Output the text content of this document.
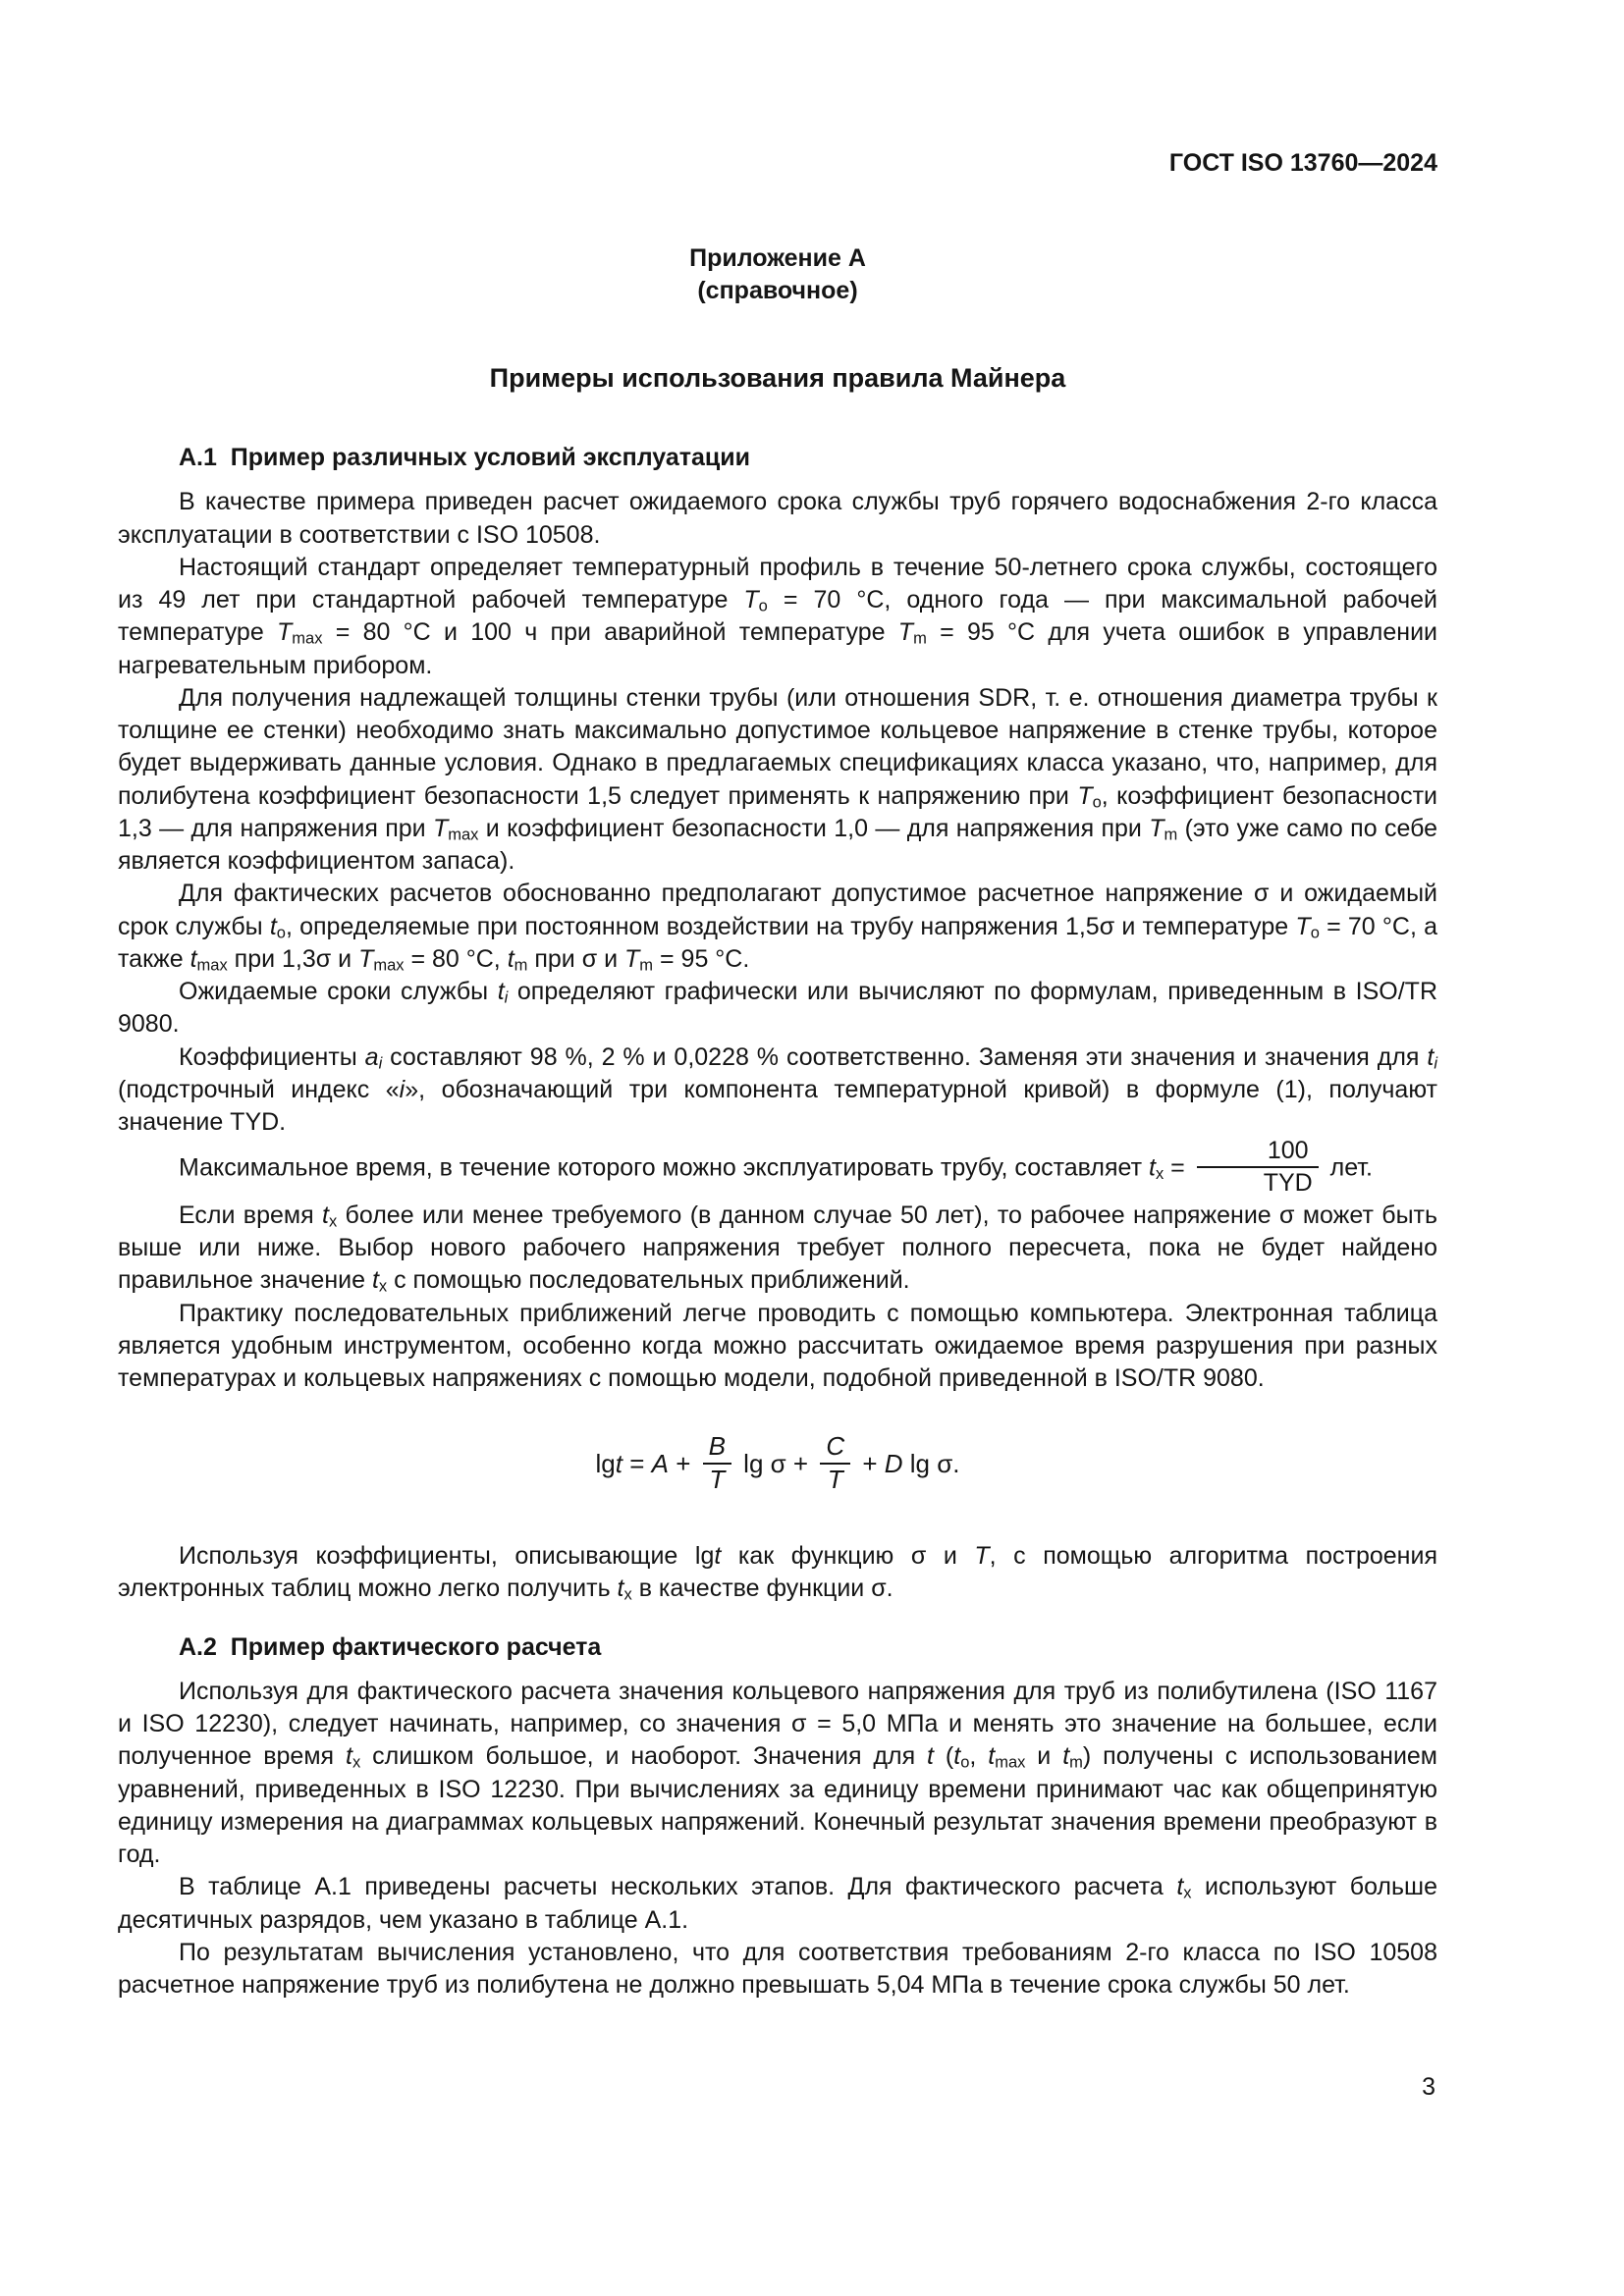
ГОСТ ISO 13760—2024
Приложение А
(справочное)
Примеры использования правила Майнера
А.1  Пример различных условий эксплуатации
В качестве примера приведен расчет ожидаемого срока службы труб горячего водоснабжения 2-го класса эксплуатации в соответствии с ISO 10508.
Настоящий стандарт определяет температурный профиль в течение 50-летнего срока службы, состоящего из 49 лет при стандартной рабочей температуре Tо = 70 °С, одного года — при максимальной рабочей температуре Tmax = 80 °С и 100 ч при аварийной температуре Tm = 95 °С для учета ошибок в управлении нагревательным прибором.
Для получения надлежащей толщины стенки трубы (или отношения SDR, т. е. отношения диаметра трубы к толщине ее стенки) необходимо знать максимально допустимое кольцевое напряжение в стенке трубы, которое будет выдерживать данные условия. Однако в предлагаемых спецификациях класса указано, что, например, для полибутена коэффициент безопасности 1,5 следует применять к напряжению при Tо, коэффициент безопасности 1,3 — для напряжения при Tmax и коэффициент безопасности 1,0 — для напряжения при Tm (это уже само по себе является коэффициентом запаса).
Для фактических расчетов обоснованно предполагают допустимое расчетное напряжение σ и ожидаемый срок службы tо, определяемые при постоянном воздействии на трубу напряжения 1,5σ и температуре Tо = 70 °С, а также tmax при 1,3σ и Tmax = 80 °С, tm при σ и Tm = 95 °С.
Ожидаемые сроки службы ti определяют графически или вычисляют по формулам, приведенным в ISO/TR 9080.
Коэффициенты ai составляют 98 %, 2 % и 0,0228 % соответственно. Заменяя эти значения и значения для ti (подстрочный индекс «i», обозначающий три компонента температурной кривой) в формуле (1), получают значение TYD.
Максимальное время, в течение которого можно эксплуатировать трубу, составляет tx = $\frac{100}{\text{TYD}}$ лет.
Если время tx более или менее требуемого (в данном случае 50 лет), то рабочее напряжение σ может быть выше или ниже. Выбор нового рабочего напряжения требует полного пересчета, пока не будет найдено правильное значение tx с помощью последовательных приближений.
Практику последовательных приближений легче проводить с помощью компьютера. Электронная таблица является удобным инструментом, особенно когда можно рассчитать ожидаемое время разрушения при разных температурах и кольцевых напряжениях с помощью модели, подобной приведенной в ISO/TR 9080.
$\lg t = A + \frac{B}{T}$ $\lg \sigma + \frac{C}{T} + D$ lg σ.
Используя коэффициенты, описывающие lgt как функцию σ и T, с помощью алгоритма построения электронных таблиц можно легко получить tx в качестве функции σ.
А.2  Пример фактического расчета
Используя для фактического расчета значения кольцевого напряжения для труб из полибутилена (ISO 1167 и ISO 12230), следует начинать, например, со значения σ = 5,0 МПа и менять это значение на большее, если полученное время tx слишком большое, и наоборот. Значения для t (tо, tmax и tm) получены с использованием уравнений, приведенных в ISO 12230. При вычислениях за единицу времени принимают час как общепринятую единицу измерения на диаграммах кольцевых напряжений. Конечный результат значения времени преобразуют в год.
В таблице А.1 приведены расчеты нескольких этапов. Для фактического расчета tx используют больше десятичных разрядов, чем указано в таблице А.1.
По результатам вычисления установлено, что для соответствия требованиям 2-го класса по ISO 10508 расчетное напряжение труб из полибутена не должно превышать 5,04 МПа в течение срока службы 50 лет.
3
